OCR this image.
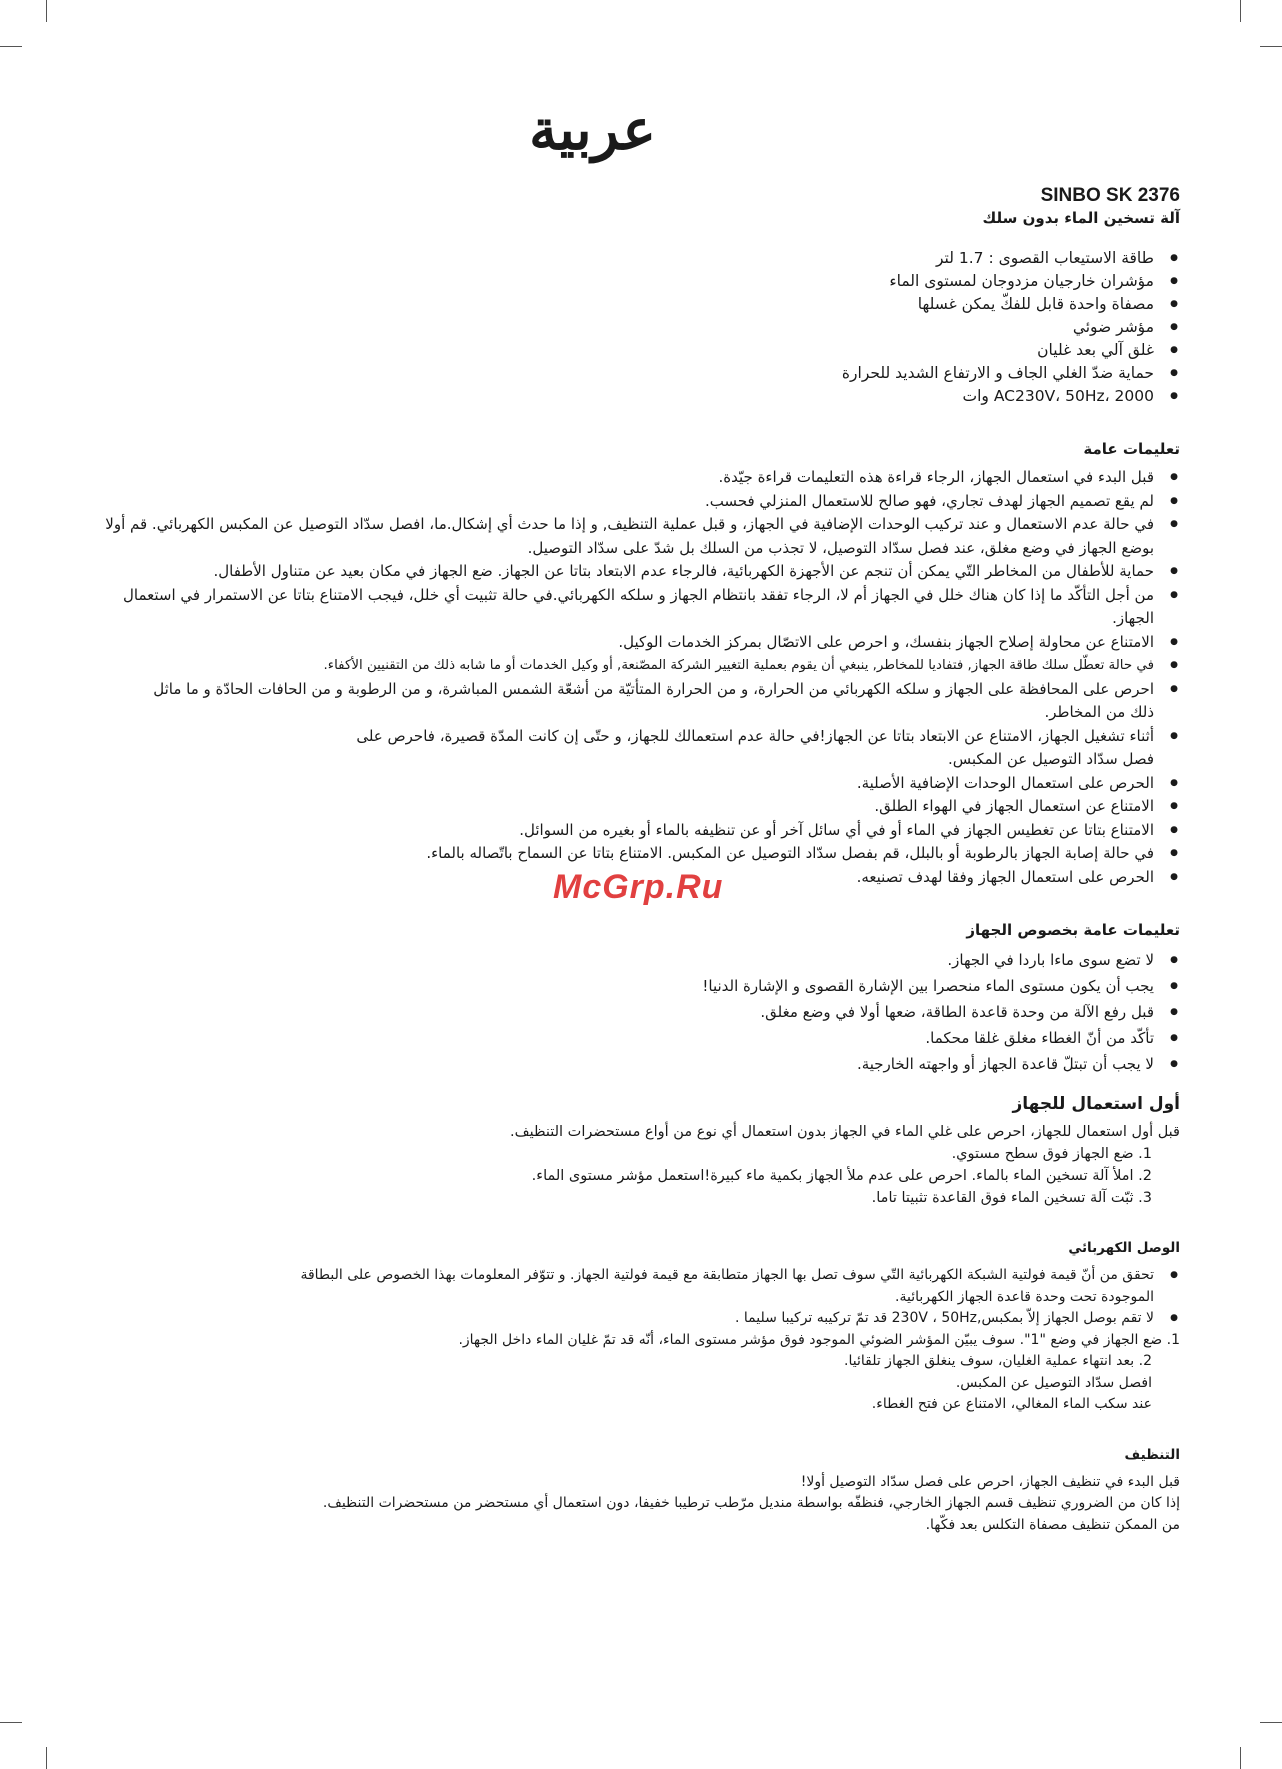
عربية
SINBO SK 2376
آلة تسخين الماء بدون سلك
● طاقة الاستيعاب القصوى : 1.7 لتر
● مؤشران خارجيان مزدوجان لمستوى الماء
● مصفاة واحدة قابل للفكّ يمكن غسلها
● مؤشر ضوئي
● غلق آلي بعد غليان
● حماية ضدّ الغلي الجاف و الارتفاع الشديد للحرارة
● AC230V، 50Hz، 2000 وات
تعليمات عامة
● قبل البدء في استعمال الجهاز، الرجاء قراءة هذه التعليمات قراءة جيّدة.
● لم يقع تصميم الجهاز لهدف تجاري، فهو صالح للاستعمال المنزلي فحسب.
● في حالة عدم الاستعمال و عند تركيب الوحدات الإضافية في الجهاز، و قبل عملية التنظيف, و إذا ما حدث أي إشكال.ما، افصل سدّاد التوصيل عن المكبس الكهربائي. قم أولا بوضع الجهاز في وضع مغلق، عند فصل سدّاد التوصيل، لا تجذب من السلك بل شدّ على سدّاد التوصيل.
● حماية للأطفال من المخاطر التّي يمكن أن تنجم عن الأجهزة الكهربائية، فالرجاء عدم الابتعاد بتاتا عن الجهاز. ضع الجهاز في مكان بعيد عن متناول الأطفال.
● من أجل التأكّد ما إذا كان هناك خلل في الجهاز أم لا، الرجاء تفقد بانتظام الجهاز و سلكه الكهربائي.في حالة تثبيت أي خلل، فيجب الامتناع بتاتا عن الاستمرار في استعمال الجهاز.
● الامتناع عن محاولة إصلاح الجهاز بنفسك، و احرص على الاتصّال بمركز الخدمات الوكيل.
● في حالة تعطّل سلك طاقة الجهاز, فتفاديا للمخاطر, ينبغي أن يقوم بعملية التغيير الشركة المصّنعة, أو وكيل الخدمات أو ما شابه ذلك من التقنيين الأكفاء.
● احرص على المحافظة على الجهاز و سلكه الكهربائي من الحرارة، و من الحرارة المتأتيّة من أشعّة الشمس المباشرة، و من الرطوبة و من الحافات الحادّة و ما ماثل ذلك من المخاطر.
● أثناء تشغيل الجهاز، الامتناع عن الابتعاد بتاتا عن الجهاز!في حالة عدم استعمالك للجهاز، و حتّى إن كانت المدّة قصيرة، فاحرص على فصل سدّاد التوصيل عن المكبس.
● الحرص على استعمال الوحدات الإضافية الأصلية.
● الامتناع عن استعمال الجهاز في الهواء الطلق.
● الامتناع بتاتا عن تغطيس الجهاز في الماء أو في أي سائل آخر أو عن تنظيفه بالماء أو بغيره من السوائل.
● في حالة إصابة الجهاز بالرطوبة أو بالبلل، قم بفصل سدّاد التوصيل عن المكبس. الامتناع بتاتا عن السماح باتّصاله بالماء.
● الحرص على استعمال الجهاز وفقا لهدف تصنيعه.
تعليمات عامة بخصوص الجهاز
● لا تضع سوى ماءا باردا في الجهاز.
● يجب أن يكون مستوى الماء منحصرا بين الإشارة القصوى و الإشارة الدنيا!
● قبل رفع الآلة من وحدة قاعدة الطاقة، ضعها أولا في وضع مغلق.
● تأكّد من أنّ الغطاء مغلق غلقا محكما.
● لا يجب أن تبتلّ قاعدة الجهاز أو واجهته الخارجية.
أول استعمال للجهاز

قبل أول استعمال للجهاز، احرص على غلي الماء في الجهاز بدون استعمال أي نوع من أواع مستحضرات التنظيف.

1. ضع الجهاز فوق سطح مستوي.
2. املأ آلة تسخين الماء بالماء. احرص على عدم ملأ الجهاز بكمية ماء كبيرة!استعمل مؤشر مستوى الماء.
3. ثبّت آلة تسخين الماء فوق القاعدة تثبيتا تاما.
الوصل الكهربائي
● تحقق من أنّ قيمة فولتية الشبكة الكهربائية التّي سوف تصل بها الجهاز متطابقة مع قيمة فولتية الجهاز. و تتوّفر المعلومات بهذا الخصوص على البطاقة الموجودة تحت وحدة قاعدة الجهاز الكهربائية.
● لا تقم بوصل الجهاز إلاّ بمكبس,230V ، 50Hz قد تمّ تركيبه تركيبا سليما .
1. ضع الجهاز في وضع "1". سوف يبيّن المؤشر الضوئي الموجود فوق مؤشر مستوى الماء، أنّه قد تمّ غليان الماء داخل الجهاز.
2. بعد انتهاء عملية الغليان، سوف ينغلق الجهاز تلقائيا.

افصل سدّاد التوصيل عن المكبس.

عند سكب الماء المغالي، الامتناع عن فتح الغطاء.

التنظيف

قبل البدء في تنظيف الجهاز، احرص على فصل سدّاد التوصيل أولا!

إذا كان من الضروري تنظيف قسم الجهاز الخارجي، فنظفّه بواسطة منديل مرّطب ترطيبا خفيفا، دون استعمال أي مستحضر من مستحضرات التنظيف.

من الممكن تنظيف مصفاة التكلس بعد فكّها.

McGrp.Ru
